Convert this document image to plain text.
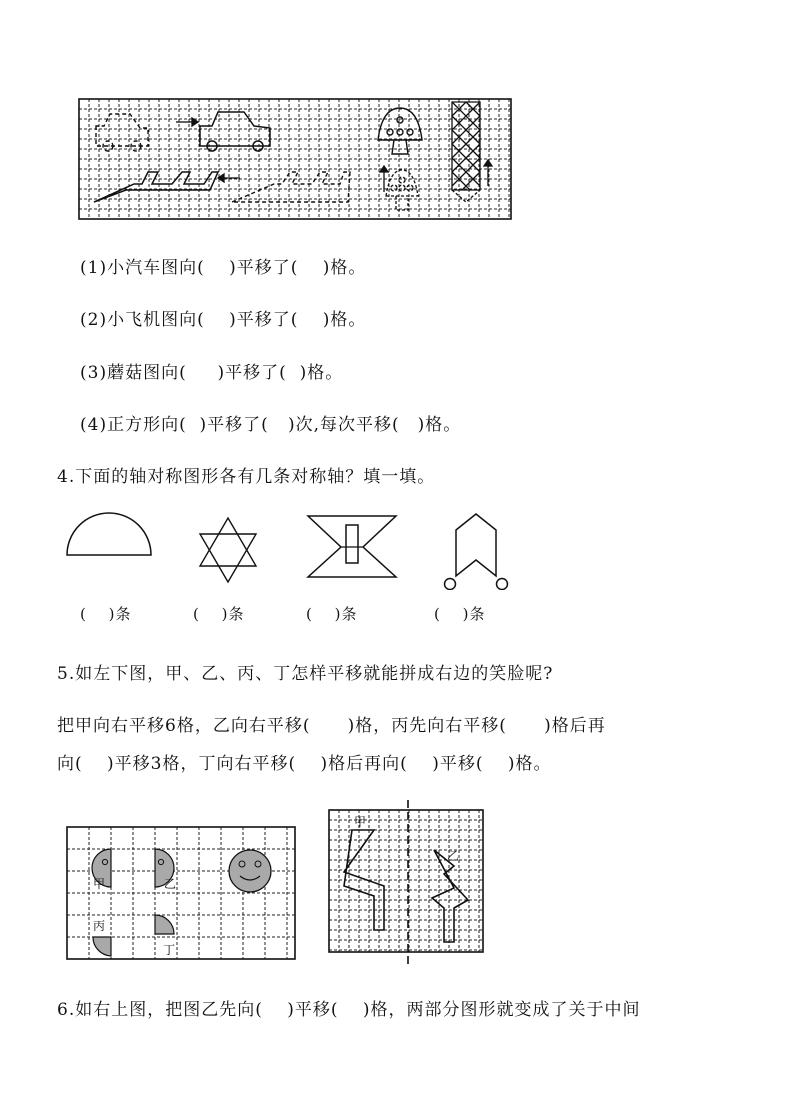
(1)小汽车图向(　 )平移了(　 )格。
(2)小飞机图向(　 )平移了(　 )格。
(3)蘑菇图向(　  )平移了(  )格。
(4)正方形向(  )平移了(   )次,每次平移(　)格。
4.下面的轴对称图形各有几条对称轴？填一填。
(　 )条	(　 )条	(　 )条	(　 )条
5.如左下图，甲、乙、丙、丁怎样平移就能拼成右边的笑脸呢?
把甲向右平移6格，乙向右平移(　   )格，丙先向右平移(　   )格后再
向(　 )平移3格，丁向右平移(　 )格后再向(　 )平移(　 )格。
甲	乙
丙
丁
甲
乙
6.如右上图，把图乙先向(　 )平移(　 )格，两部分图形就变成了关于中间
